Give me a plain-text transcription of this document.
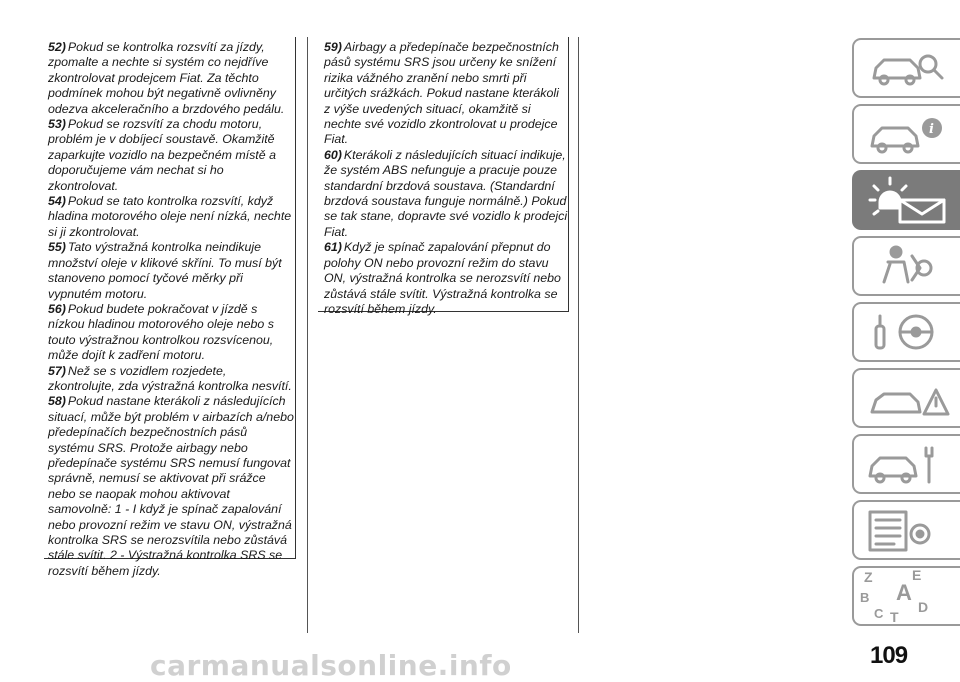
52) Pokud se kontrolka rozsvítí za jízdy, zpomalte a nechte si systém co nejdříve zkontrolovat prodejcem Fiat. Za těchto podmínek mohou být negativně ovlivněny odezva akceleračního a brzdového pedálu.

53) Pokud se rozsvítí za chodu motoru, problém je v dobíjecí soustavě. Okamžitě zaparkujte vozidlo na bezpečném místě a doporučujeme vám nechat si ho zkontrolovat.

54) Pokud se tato kontrolka rozsvítí, když hladina motorového oleje není nízká, nechte si ji zkontrolovat.

55) Tato výstražná kontrolka neindikuje množství oleje v klikové skříni. To musí být stanoveno pomocí tyčové měrky při vypnutém motoru.

56) Pokud budete pokračovat v jízdě s nízkou hladinou motorového oleje nebo s touto výstražnou kontrolkou rozsvícenou, může dojít k zadření motoru.

57) Než se s vozidlem rozjedete, zkontrolujte, zda výstražná kontrolka nesvítí.

58) Pokud nastane kterákoli z následujících situací, může být problém v airbazích a/nebo předepínačích bezpečnostních pásů systému SRS. Protože airbagy nebo předepínače systému SRS nemusí fungovat správně, nemusí se aktivovat při srážce nebo se naopak mohou aktivovat samovolně: 1 - I když je spínač zapalování nebo provozní režim ve stavu ON, výstražná kontrolka SRS se nerozsvítila nebo zůstává stále svítit. 2 - Výstražná kontrolka SRS se rozsvítí během jízdy.

59) Airbagy a předepínače bezpečnostních pásů systému SRS jsou určeny ke snížení rizika vážného zranění nebo smrti při určitých srážkách. Pokud nastane kterákoli z výše uvedených situací, okamžitě si nechte své vozidlo zkontrolovat u prodejce Fiat.

60) Kterákoli z následujících situací indikuje, že systém ABS nefunguje a pracuje pouze standardní brzdová soustava. (Standardní brzdová soustava funguje normálně.) Pokud se tak stane, dopravte své vozidlo k prodejci Fiat.

61) Když je spínač zapalování přepnut do polohy ON nebo provozní režim do stavu ON, výstražná kontrolka se nerozsvítí nebo zůstává stále svítit. Výstražná kontrolka se rozsvítí během jízdy.

i
Z	E
B A
D
C T
109
carmanualsonline.info
